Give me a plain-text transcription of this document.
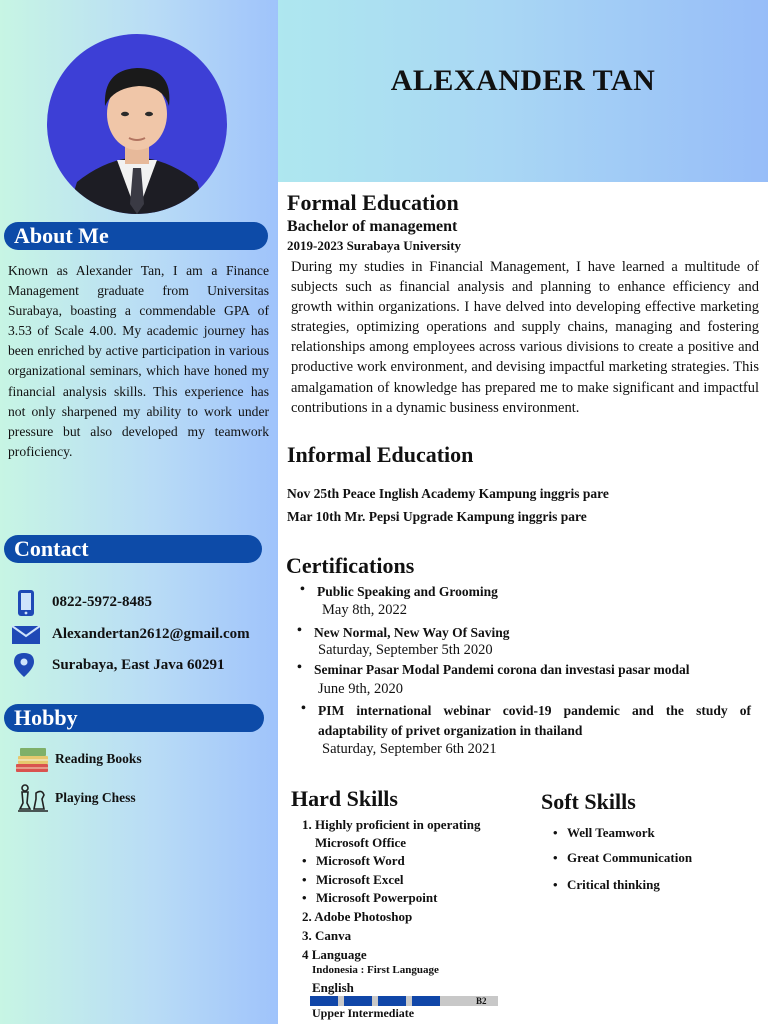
About Me
Known as Alexander Tan, I am a Finance Management graduate from Universitas Surabaya, boasting a commendable GPA of 3.53 of Scale 4.00. My academic journey has been enriched by active participation in various organizational seminars, which have honed my financial analysis skills. This experience has not only sharpened my ability to work under pressure but also developed my teamwork proficiency.
Contact
0822-5972-8485
Alexandertan2612@gmail.com
Surabaya, East Java 60291
Hobby
Reading Books
Playing Chess
ALEXANDER TAN
Formal Education
Bachelor of management
2019-2023 Surabaya University
During my studies in Financial Management, I have learned a multitude of subjects such as financial analysis and planning to enhance efficiency and growth within organizations. I have delved into developing effective marketing strategies, optimizing operations and supply chains, managing and fostering relationships among employees across various divisions to create a positive and productive work environment, and devising impactful marketing strategies. This amalgamation of knowledge has prepared me to make significant and impactful contributions in a dynamic business environment.
Informal Education
Nov 25th Peace Inglish Academy Kampung inggris pare
Mar 10th Mr. Pepsi Upgrade Kampung inggris pare
Certifications
• Public Speaking and Grooming
May 8th, 2022
• New Normal, New Way Of Saving
Saturday, September 5th 2020
• Seminar Pasar Modal Pandemi corona dan investasi pasar modal
June 9th, 2020
• PIM international webinar covid-19 pandemic and the study of adaptability of privet organization in thailand
Saturday, September 6th 2021
Hard Skills
1. Highly proficient in operating
Microsoft Office
• Microsoft Word
• Microsoft Excel
• Microsoft Powerpoint
2. Adobe Photoshop
3. Canva
4 Language
Indonesia : First Language
English
B2
Upper Intermediate
Soft Skills
• Well Teamwork
• Great Communication
• Critical thinking
